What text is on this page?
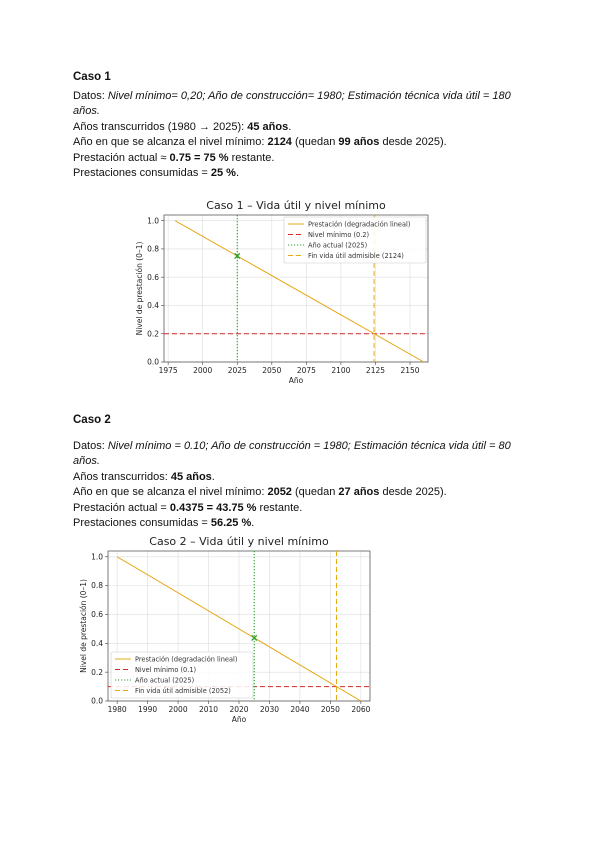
Caso 1
Datos: Nivel mínimo= 0,20; Año de construcción= 1980; Estimación técnica vida útil = 180 años.
Años transcurridos (1980 → 2025): 45 años.
Año en que se alcanza el nivel mínimo: 2124 (quedan 99 años desde 2025).
Prestación actual ≈ 0.75 = 75 % restante.
Prestaciones consumidas = 25 %.
1975 2000 2025 2050 2075 2100 2125 2150
0.0
0.2
0.4
0.6
0.8
1.0
Caso 1 – Vida útil y nivel mínimo
Año
Nivel de prestación (0–1)
Prestación (degradación lineal)
Nivel mínimo (0.2)
Año actual (2025)
Fin vida útil admisible (2124)
Caso 2
Datos: Nivel mínimo = 0.10; Año de construcción = 1980; Estimación técnica vida útil = 80 años.
Años transcurridos: 45 años.
Año en que se alcanza el nivel mínimo: 2052 (quedan 27 años desde 2025).
Prestación actual = 0.4375 = 43.75 % restante.
Prestaciones consumidas = 56.25 %.
1980 1990 2000 2010 2020 2030 2040 2050 2060
0.0
0.2
0.4
0.6
0.8
1.0
Caso 2 – Vida útil y nivel mínimo
Año
Nivel de prestación (0–1)	Prestación (degradación lineal)
Nivel mínimo (0.1)
Año actual (2025)
Fin vida útil admisible (2052)
